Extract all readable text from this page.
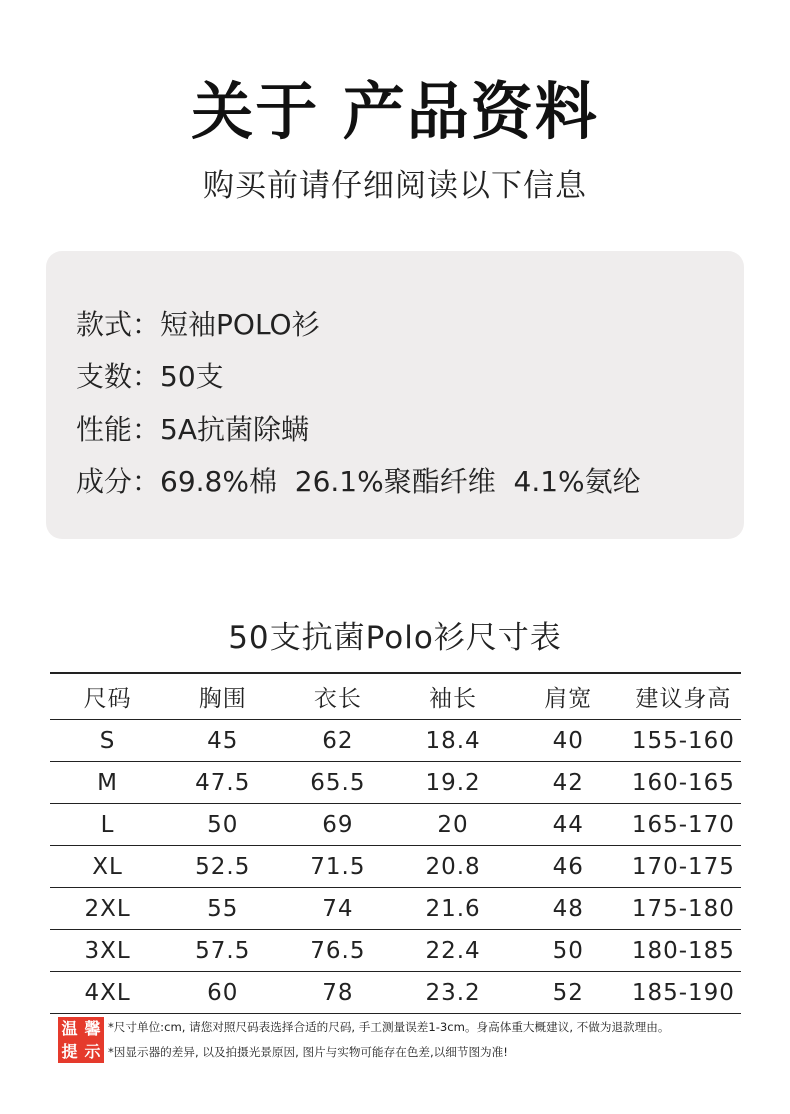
关于 产品资料
购买前请仔细阅读以下信息
款式：短袖POLO衫
支数：50支
性能：5A抗菌除螨
成分：69.8%棉  26.1%聚酯纤维  4.1%氨纶
50支抗菌Polo衫尺寸表
尺码	胸围	衣长	袖长	肩宽	建议身高
S	45	62	18.4	40	155-160
M	47.5	65.5	19.2	42	160-165
L	50	69	20	44	165-170
XL	52.5	71.5	20.8	46	170-175
2XL	55	74	21.6	48	175-180
3XL	57.5	76.5	22.4	50	180-185
4XL	60	78	23.2	52	185-190
温 馨
提 示
*尺寸单位:cm, 请您对照尺码表选择合适的尺码, 手工测量误差1-3cm。身高体重大概建议, 不做为退款理由。
*因显示器的差异, 以及拍摄光景原因, 图片与实物可能存在色差,以细节图为准!
